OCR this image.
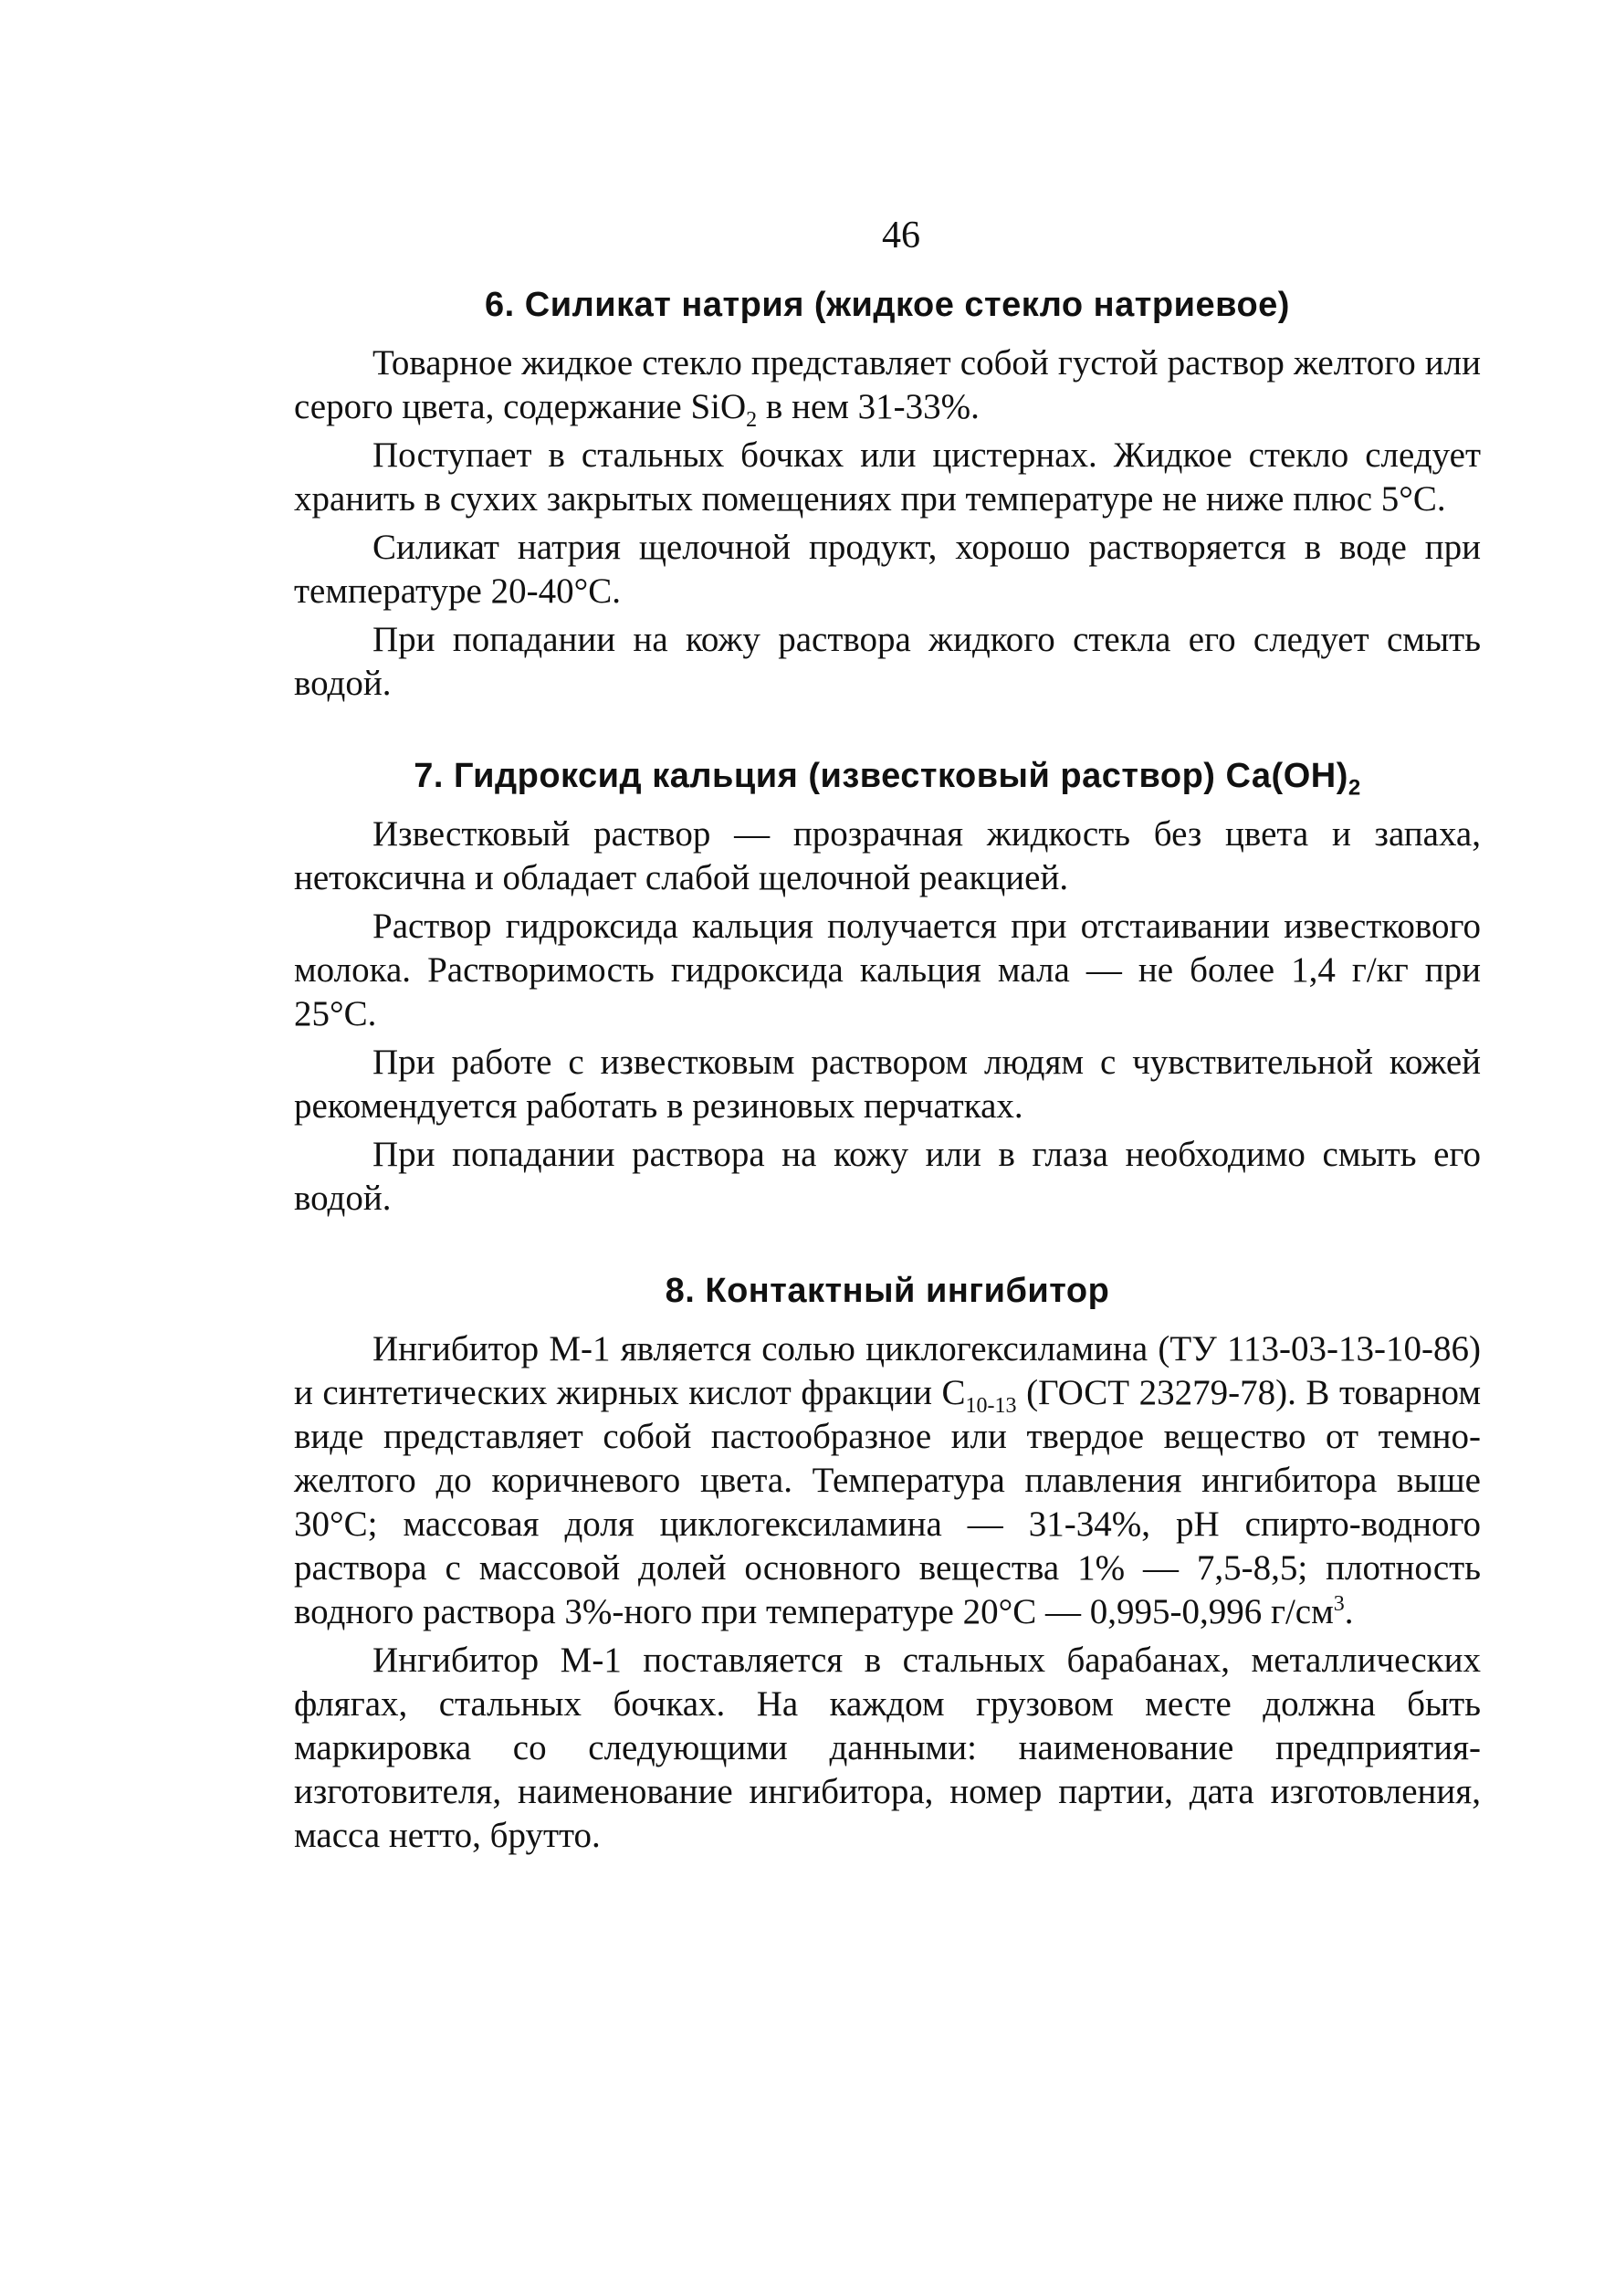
46
6. Силикат натрия (жидкое стекло натриевое)

Товарное жидкое стекло представляет собой густой раствор желтого или серого цвета, содержание SiO$_2$ в нем 31-33%.

Поступает в стальных бочках или цистернах. Жидкое стекло следует хранить в сухих закрытых помещениях при температуре не ниже плюс 5°С.

Силикат натрия щелочной продукт, хорошо растворяется в воде при температуре 20-40°С.

При попадании на кожу раствора жидкого стекла его следует смыть водой.

7. Гидроксид кальция (известковый раствор) $Са(ОН)_2$

Известковый раствор — прозрачная жидкость без цвета и запаха, нетоксична и обладает слабой щелочной реакцией.

Раствор гидроксида кальция получается при отстаивании известкового молока. Растворимость гидроксида кальция мала — не более 1,4 г/кг при 25°С.

При работе с известковым раствором людям с чувствительной кожей рекомендуется работать в резиновых перчатках.

При попадании раствора на кожу или в глаза необходимо смыть его водой.

8. Контактный ингибитор

Ингибитор М-1 является солью циклогексиламина (ТУ 113-03-13-10-86) и синтетических жирных кислот фракции $С_{10-13}$ (ГОСТ 23279-78). В товарном виде представляет собой пастообразное или твердое вещество от темно-желтого до коричневого цвета. Температура плавления ингибитора выше 30°С; массовая доля циклогексиламина — 31-34%, рН спирто-водного раствора с массовой долей основного вещества 1% — 7,5-8,5; плотность водного раствора 3%-ного при температуре 20°С — 0,995-0,996 $г/см^3$.

Ингибитор М-1 поставляется в стальных барабанах, металлических флягах, стальных бочках. На каждом грузовом месте должна быть маркировка со следующими данными: наименование предприятия-изготовителя, наименование ингибитора, номер партии, дата изготовления, масса нетто, брутто.
